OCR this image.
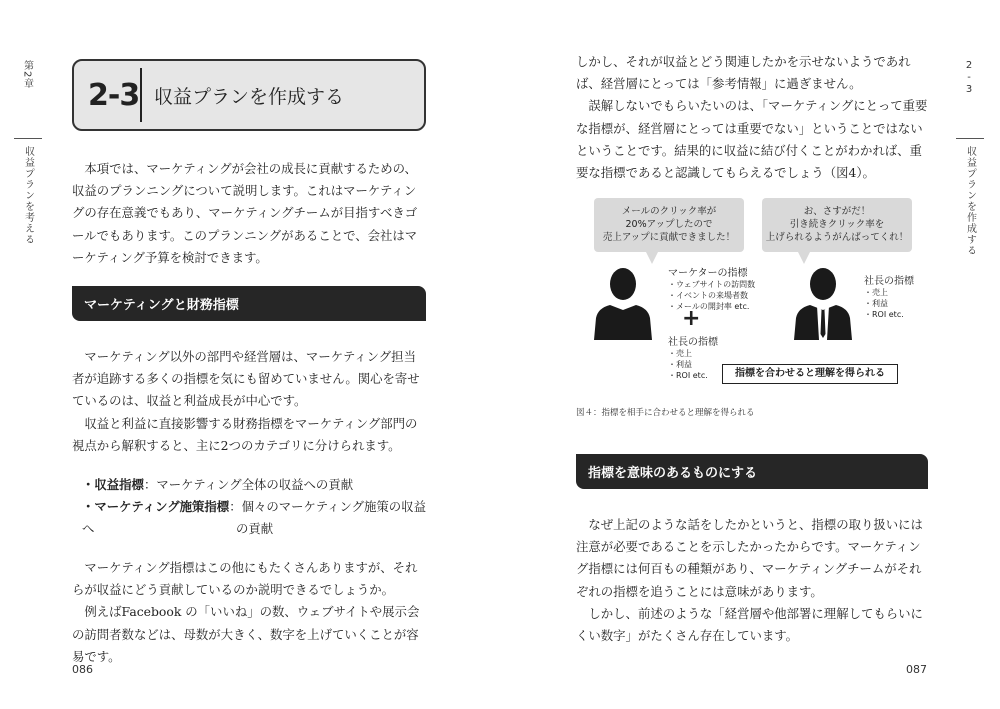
第2章
収益プランを考える
2-3 収益プランを作成する

本項では、マーケティングが会社の成長に貢献するための、収益のプランニングについて説明します。これはマーケティングの存在意義でもあり、マーケティングチームが目指すべきゴールでもあります。このプランニングがあることで、会社はマーケティング予算を検討できます。

マーケティングと財務指標

マーケティング以外の部門や経営層は、マーケティング担当者が追跡する多くの指標を気にも留めていません。関心を寄せているのは、収益と利益成長が中心です。

収益と利益に直接影響する財務指標をマーケティング部門の視点から解釈すると、主に2つのカテゴリに分けられます。

・収益指標：マーケティング全体の収益への貢献
・マーケティング施策指標：個々のマーケティング施策の収益へ	の貢献

マーケティング指標はこの他にもたくさんありますが、それらが収益にどう貢献しているのか説明できるでしょうか。

例えばFacebook の「いいね」の数、ウェブサイトや展示会の訪問者数などは、母数が大きく、数字を上げていくことが容易です。

086
2
-
3
収益プランを作成する

しかし、それが収益とどう関連したかを示せないようであれば、経営層にとっては「参考情報」に過ぎません。

誤解しないでもらいたいのは、「マーケティングにとって重要な指標が、経営層にとっては重要でない」ということではないということです。結果的に収益に結び付くことがわかれば、重要な指標であると認識してもらえるでしょう（図4）。

メールのクリック率が
20%アップしたので
売上アップに貢献できました！
お、さすがだ！
引き続きクリック率を
上げられるようがんばってくれ！
マーケターの指標
・ウェブサイトの訪問数
・イベントの来場者数
・メールの開封率 etc.
+
社長の指標
・売上
・利益
・ROI etc.
社長の指標
・売上
・利益
・ROI etc.
指標を合わせると理解を得られる
図４：指標を相手に合わせると理解を得られる
指標を意味のあるものにする

なぜ上記のような話をしたかというと、指標の取り扱いには注意が必要であることを示したかったからです。マーケティング指標には何百もの種類があり、マーケティングチームがそれぞれの指標を追うことには意味があります。

しかし、前述のような「経営層や他部署に理解してもらいにくい数字」がたくさん存在しています。

087
